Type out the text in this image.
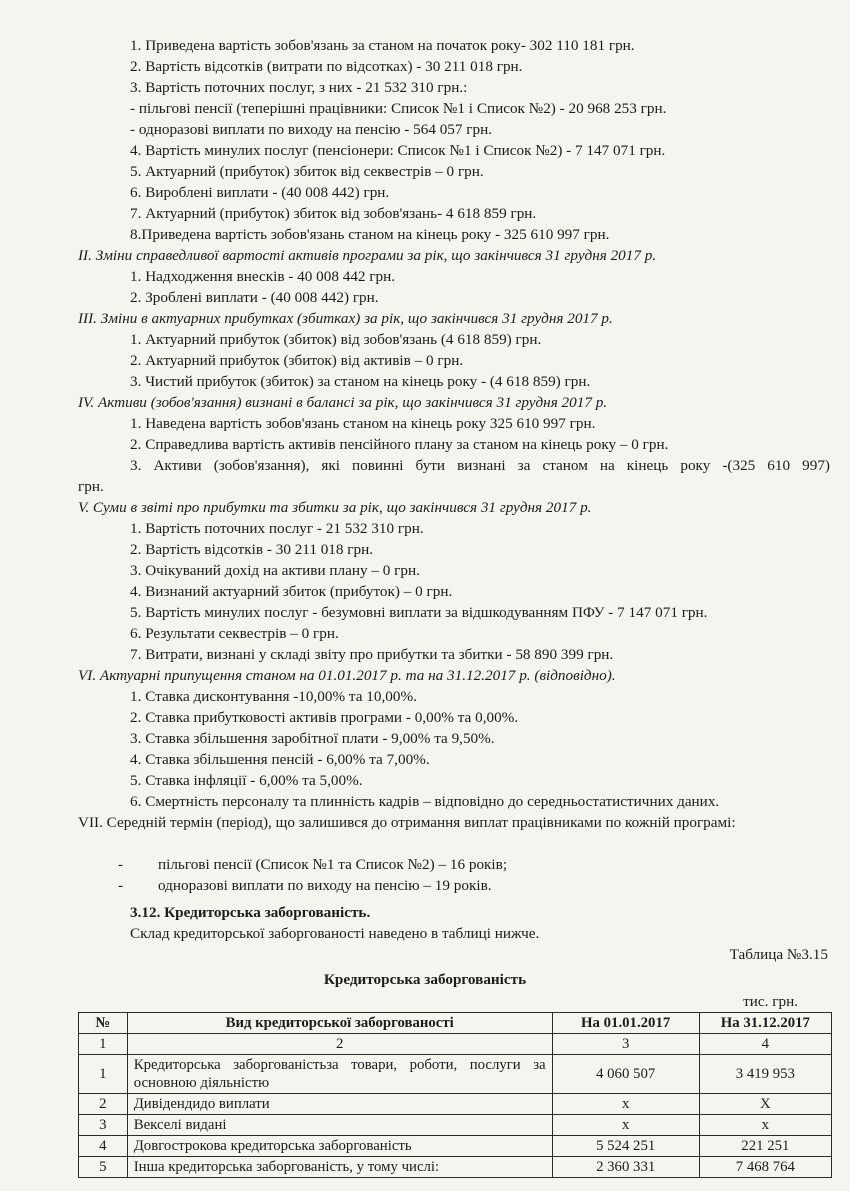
1. Приведена вартість зобов'язань за станом на початок року- 302 110 181 грн.
2. Вартість відсотків (витрати по відсотках) - 30 211 018 грн.
3. Вартість поточних послуг, з них - 21 532 310 грн.:
- пільгові пенсії (теперішні працівники: Список №1 і Список №2) - 20 968 253 грн.
- одноразові виплати по виходу на пенсію - 564 057 грн.
4. Вартість минулих послуг (пенсіонери: Список №1 і Список №2) - 7 147 071 грн.
5. Актуарний (прибуток) збиток від секвестрів – 0 грн.
6. Вироблені виплати - (40 008 442) грн.
7. Актуарний (прибуток) збиток від зобов'язань- 4 618 859 грн.
8.Приведена вартість зобов'язань станом на кінець року - 325 610 997 грн.
ІІ. Зміни справедливої вартості активів програми за рік, що закінчився 31 грудня 2017 р.
1. Надходження внесків - 40 008 442 грн.
2. Зроблені виплати - (40 008 442) грн.
ІІІ. Зміни в актуарних прибутках (збитках) за рік, що закінчився 31 грудня 2017 р.
1. Актуарний прибуток (збиток) від зобов'язань (4 618 859) грн.
2. Актуарний прибуток (збиток) від активів – 0 грн.
3. Чистий прибуток (збиток) за станом на кінець року - (4 618 859) грн.
IV. Активи (зобов'язання) визнані в балансі за рік, що закінчився 31 грудня 2017 р.
1. Наведена вартість зобов'язань станом на кінець року 325 610 997 грн.
2. Справедлива вартість активів пенсійного плану за станом на кінець року – 0 грн.
3. Активи (зобов'язання), які повинні бути визнані за станом на кінець року -(325 610 997)
грн.
V. Суми в звіті про прибутки та збитки за рік, що закінчився 31 грудня 2017 р.
1. Вартість поточних послуг - 21 532 310 грн.
2. Вартість відсотків - 30 211 018 грн.
3. Очікуваний дохід на активи плану – 0 грн.
4. Визнаний актуарний збиток (прибуток) – 0 грн.
5. Вартість минулих послуг - безумовні виплати за відшкодуванням ПФУ - 7 147 071 грн.
6. Результати секвестрів – 0 грн.
7. Витрати, визнані у складі звіту про прибутки та збитки - 58 890 399 грн.
VI. Актуарні припущення станом на 01.01.2017 р. та на 31.12.2017 р. (відповідно).
1. Ставка дисконтування -10,00% та 10,00%.
2. Ставка прибутковості активів програми - 0,00% та 0,00%.
3. Ставка збільшення заробітної плати - 9,00% та 9,50%.
4. Ставка збільшення пенсій - 6,00% та 7,00%.
5. Ставка інфляції - 6,00% та 5,00%.
6. Смертність персоналу та плинність кадрів – відповідно до середньостатистичних даних.
VII. Середній термін (період), що залишився до отримання виплат працівниками по кожній програмі:
- пільгові пенсії (Список №1 та Список №2) – 16 років;
- одноразові виплати по виходу на пенсію – 19 років.
3.12. Кредиторська заборгованість.
Склад кредиторської заборгованості наведено в таблиці нижче.
Таблица №3.15
Кредиторська заборгованість
тис. грн.
№	Вид кредиторської заборгованості	На 01.01.2017	На 31.12.2017
1	2	3	4
1	Кредиторська заборгованістьза товари, роботи, послуги за основною діяльністю	4 060 507	3 419 953
2	Дивідендидо виплати	х	Х
3	Векселі видані	х	х
4	Довгострокова кредиторська заборгованість	5 524 251	221 251
5	Інша кредиторська заборгованість, у тому числі:	2 360 331	7 468 764
